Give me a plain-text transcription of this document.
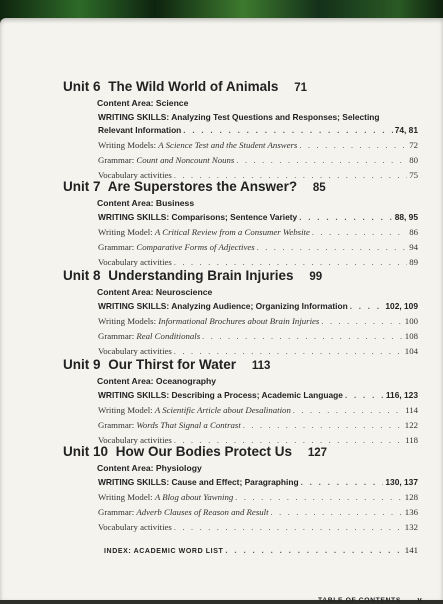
Unit 6 The Wild World of Animals 71
Content Area: Science
WRITING SKILLS: Analyzing Test Questions and Responses; Selecting
Relevant Information . . .	74, 81
Writing Models:
A Science Test and the Student Answers . . .	72
Grammar:
Count and Noncount Nouns . . .	80
Vocabulary activities . . .	75
Unit 7 Are Superstores the Answer? 85
Content Area: Business
WRITING SKILLS: Comparisons; Sentence Variety . . .	88, 95
Writing Model:
A Critical Review from a Consumer Website . . .	86
Grammar:
Comparative Forms of Adjectives . . .	94
Vocabulary activities . . .	89
Unit 8 Understanding Brain Injuries 99
Content Area: Neuroscience
WRITING SKILLS: Analyzing Audience; Organizing Information . . .	102, 109
Writing Models:
Informational Brochures about Brain Injuries . . .	100
Grammar:
Real Conditionals . . .	108
Vocabulary activities . . .	104
Unit 9 Our Thirst for Water 113
Content Area: Oceanography
WRITING SKILLS: Describing a Process; Academic Language . . .	116, 123
Writing Model:
A Scientific Article about Desalination . . .	114
Grammar:
Words That Signal a Contrast . . .	122
Vocabulary activities . . .	118
Unit 10 How Our Bodies Protect Us 127
Content Area: Physiology
WRITING SKILLS: Cause and Effect; Paragraphing . . .	130, 137
Writing Model:
A Blog about Yawning . . .	128
Grammar:
Adverb Clauses of Reason and Result . . .	136
Vocabulary activities . . .	132
INDEX: ACADEMIC WORD LIST . . .	141
TABLE OF CONTENTS v
